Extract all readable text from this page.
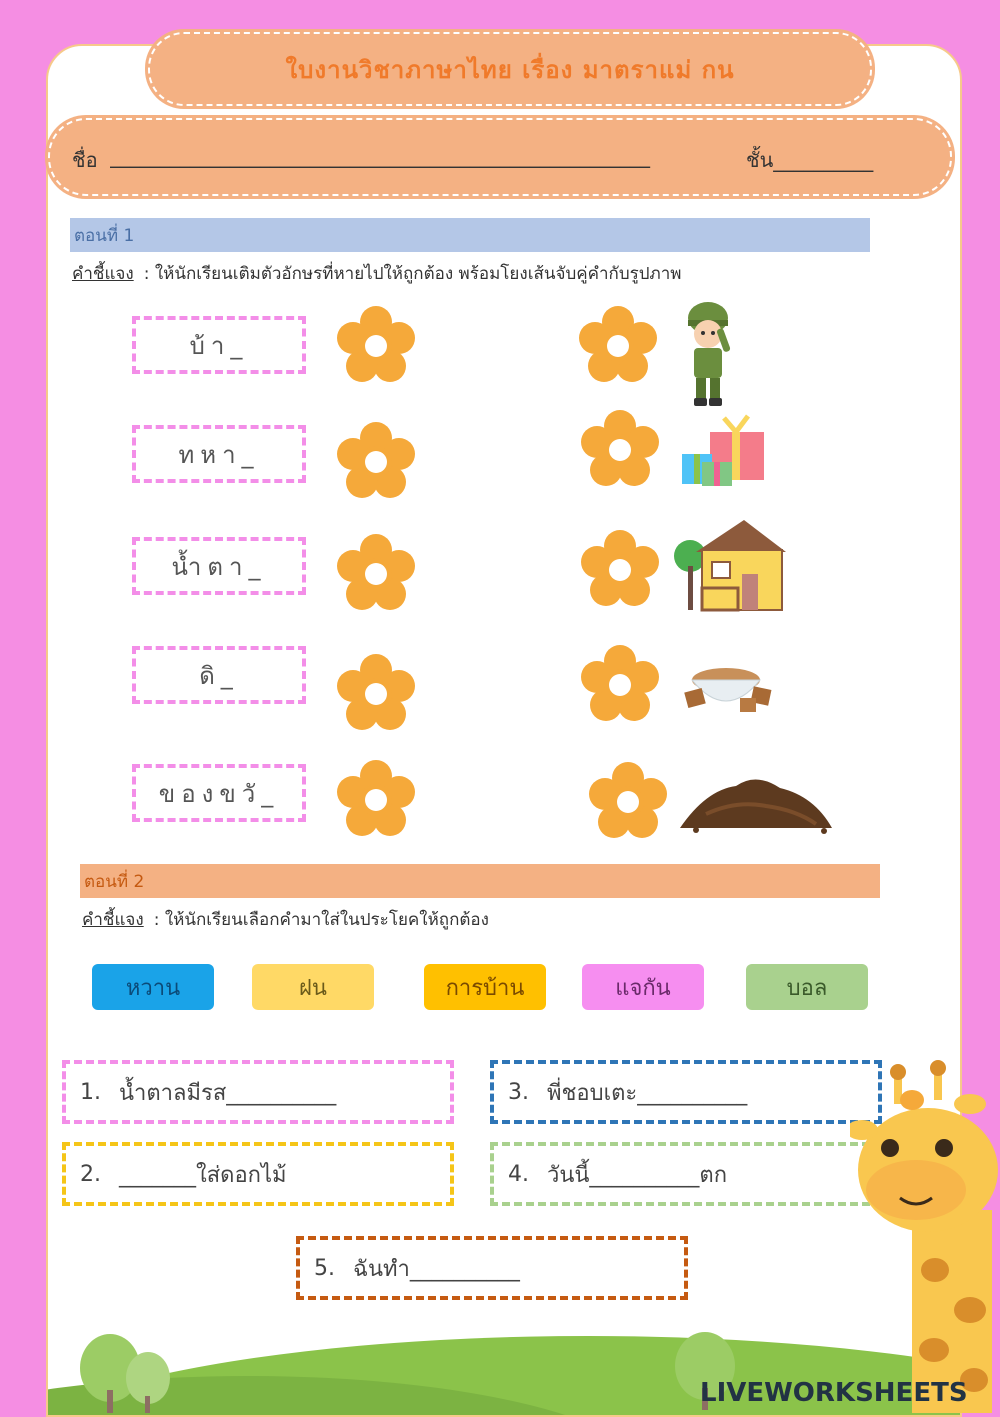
ใบงานวิชาภาษาไทย เรื่อง มาตราแม่ กน
ชื่อ ______________________________________________________	ชั้น__________
ตอนที่ 1
คำชี้แจง : ให้นักเรียนเติมตัวอักษรที่หายไปให้ถูกต้อง พร้อมโยงเส้นจับคู่คำกับรูปภาพ
บ้า_
ทหา_
น้ำตา_
ดิ_
ของขวั_
ตอนที่ 2
คำชี้แจง : ให้นักเรียนเลือกคำมาใส่ในประโยคให้ถูกต้อง
หวาน	ฝน	การบ้าน	แจกัน	บอล
1. น้ำตาลมีรส__________
2. _______ใส่ดอกไม้
3. พี่ชอบเตะ__________
4. วันนี้__________ตก
5. ฉันทำ__________
LIVEWORKSHEETS
